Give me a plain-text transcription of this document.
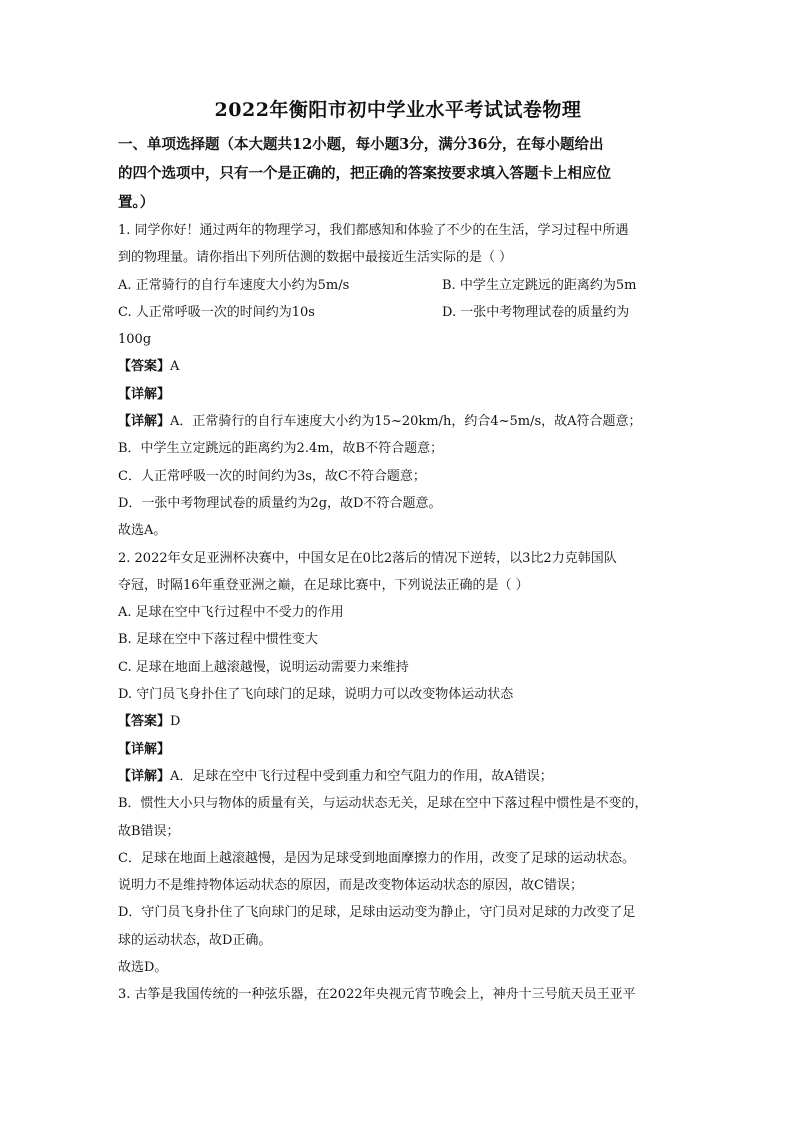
2022年衡阳市初中学业水平考试试卷物理

一、单项选择题（本大题共12小题，每小题3分，满分36分，在每小题给出

的四个选项中，只有一个是正确的，把正确的答案按要求填入答题卡上相应位

置。）

1. 同学你好！通过两年的物理学习，我们都感知和体验了不少的在生活，学习过程中所遇

到的物理量。请你指出下列所估测的数据中最接近生活实际的是（ ）

A. 正常骑行的自行车速度大小约为5m/s	B. 中学生立定跳远的距离约为5m
C. 人正常呼吸一次的时间约为10s	D. 一张中考物理试卷的质量约为

100g

【答案】A

【详解】

【详解】A．正常骑行的自行车速度大小约为15~20km/h，约合4~5m/s，故A符合题意；

B．中学生立定跳远的距离约为2.4m，故B不符合题意；

C．人正常呼吸一次的时间约为3s，故C不符合题意；

D．一张中考物理试卷的质量约为2g，故D不符合题意。

故选A。

2. 2022年女足亚洲杯决赛中，中国女足在0比2落后的情况下逆转，以3比2力克韩国队

夺冠，时隔16年重登亚洲之巅，在足球比赛中，下列说法正确的是（ ）

A. 足球在空中飞行过程中不受力的作用

B. 足球在空中下落过程中惯性变大

C. 足球在地面上越滚越慢，说明运动需要力来维持

D. 守门员飞身扑住了飞向球门的足球，说明力可以改变物体运动状态

【答案】D

【详解】

【详解】A．足球在空中飞行过程中受到重力和空气阻力的作用，故A错误；

B．惯性大小只与物体的质量有关，与运动状态无关，足球在空中下落过程中惯性是不变的，

故B错误；

C．足球在地面上越滚越慢，是因为足球受到地面摩擦力的作用，改变了足球的运动状态。

说明力不是维持物体运动状态的原因，而是改变物体运动状态的原因，故C错误；

D．守门员飞身扑住了飞向球门的足球，足球由运动变为静止，守门员对足球的力改变了足

球的运动状态，故D正确。

故选D。

3. 古筝是我国传统的一种弦乐器，在2022年央视元宵节晚会上，神舟十三号航天员王亚平
